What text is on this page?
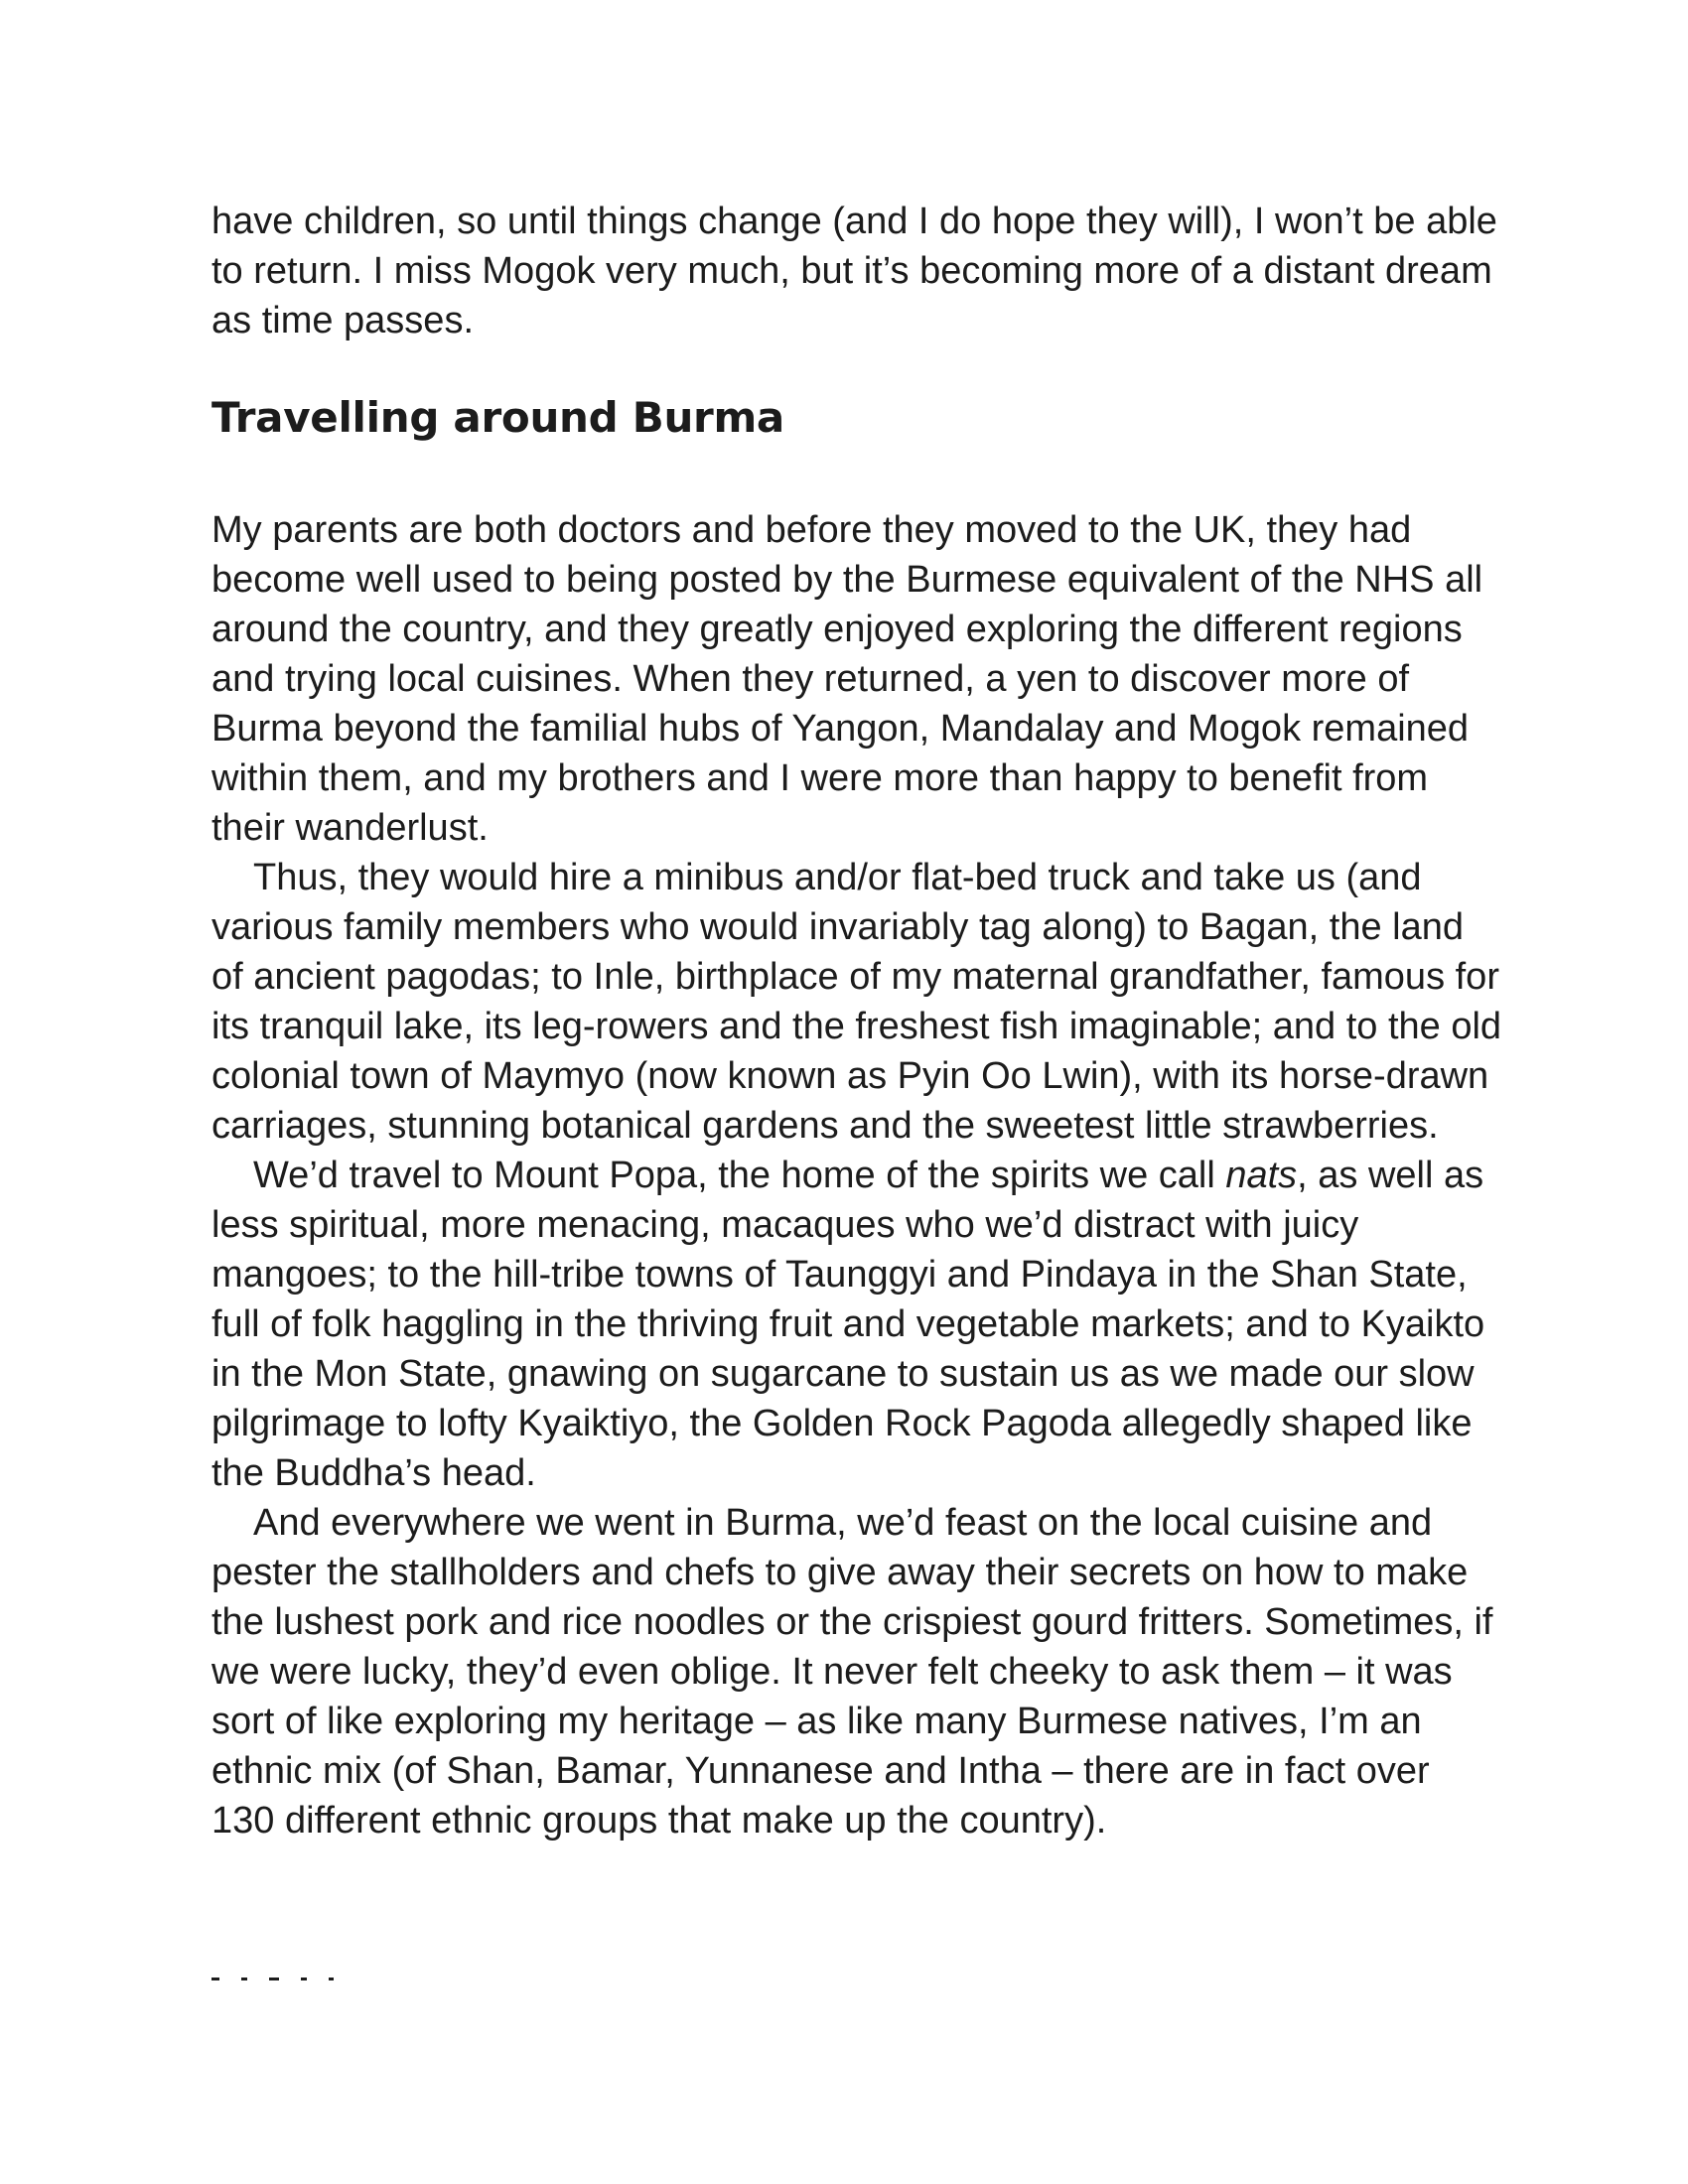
have children, so until things change (and I do hope they will), I won’t be able to return. I miss Mogok very much, but it’s becoming more of a distant dream as time passes.

Travelling around Burma

My parents are both doctors and before they moved to the UK, they had become well used to being posted by the Burmese equivalent of the NHS all around the country, and they greatly enjoyed exploring the different regions and trying local cuisines. When they returned, a yen to discover more of Burma beyond the familial hubs of Yangon, Mandalay and Mogok remained within them, and my brothers and I were more than happy to benefit from their wanderlust.

Thus, they would hire a minibus and/or flat-bed truck and take us (and various family members who would invariably tag along) to Bagan, the land of ancient pagodas; to Inle, birthplace of my maternal grandfather, famous for its tranquil lake, its leg-rowers and the freshest fish imaginable; and to the old colonial town of Maymyo (now known as Pyin Oo Lwin), with its horse-drawn carriages, stunning botanical gardens and the sweetest little strawberries.

We’d travel to Mount Popa, the home of the spirits we call nats, as well as less spiritual, more menacing, macaques who we’d distract with juicy mangoes; to the hill-tribe towns of Taunggyi and Pindaya in the Shan State, full of folk haggling in the thriving fruit and vegetable markets; and to Kyaikto in the Mon State, gnawing on sugarcane to sustain us as we made our slow pilgrimage to lofty Kyaiktiyo, the Golden Rock Pagoda allegedly shaped like the Buddha’s head.

And everywhere we went in Burma, we’d feast on the local cuisine and pester the stallholders and chefs to give away their secrets on how to make the lushest pork and rice noodles or the crispiest gourd fritters. Sometimes, if we were lucky, they’d even oblige. It never felt cheeky to ask them – it was sort of like exploring my heritage – as like many Burmese natives, I’m an ethnic mix (of Shan, Bamar, Yunnanese and Intha – there are in fact over 130 different ethnic groups that make up the country).
